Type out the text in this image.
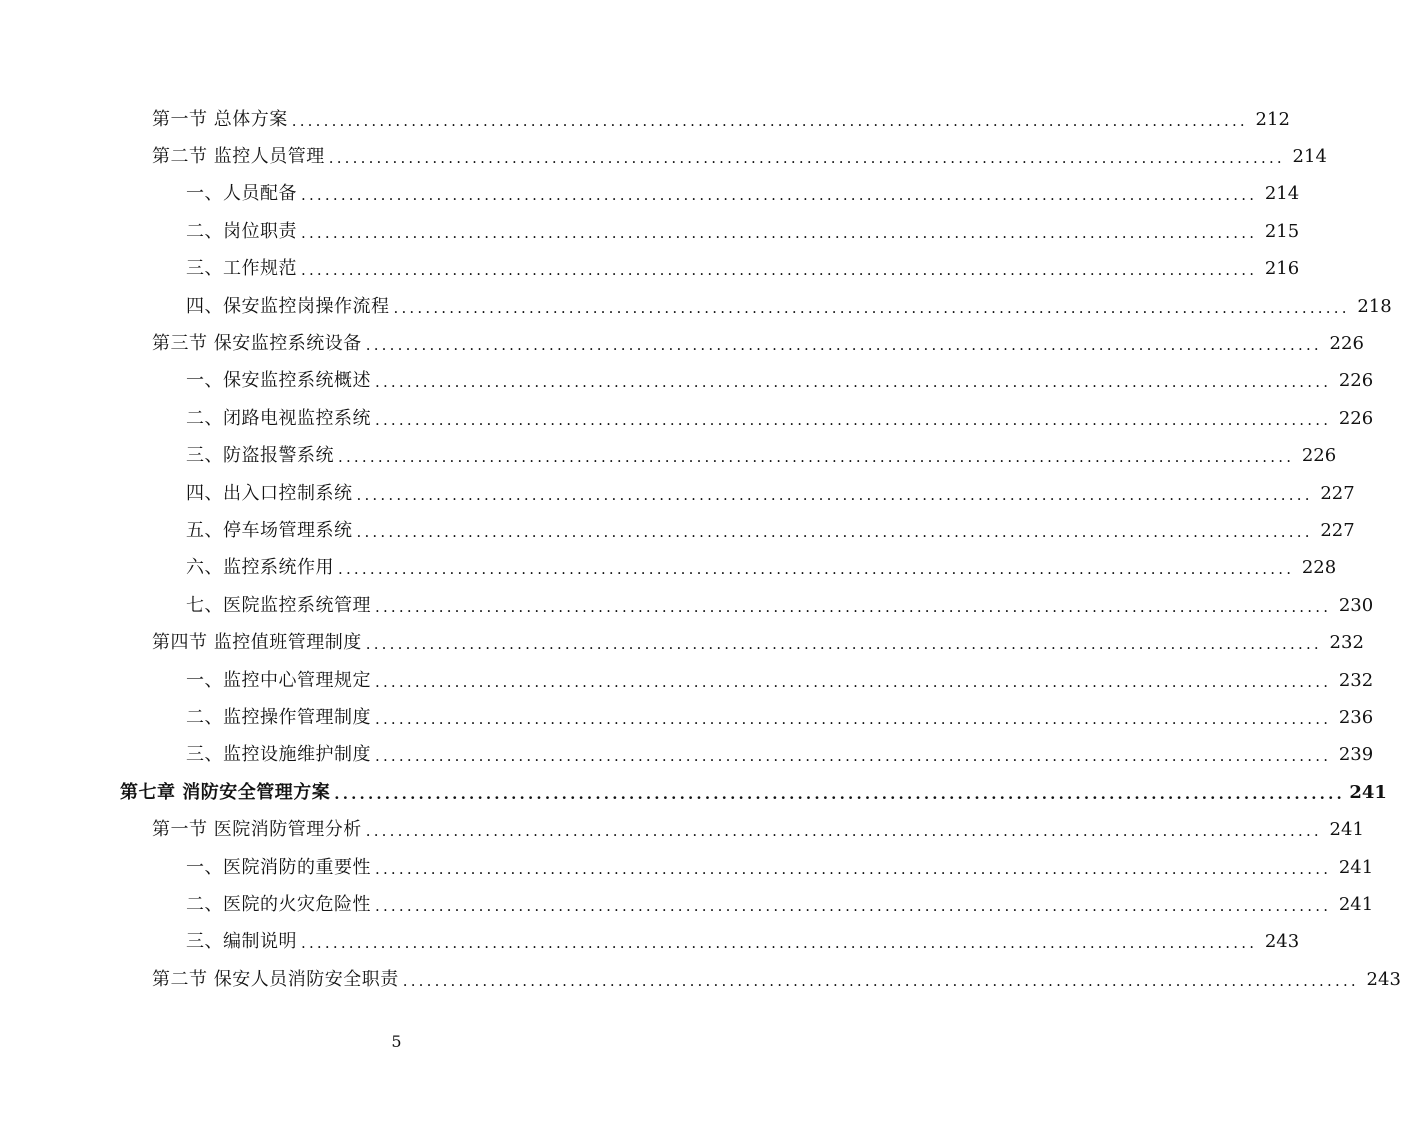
第一节 总体方案 ........................................................................................................................ 212
第二节 监控人员管理 ........................................................................................................................ 214
一、人员配备 ........................................................................................................................ 214
二、岗位职责 ........................................................................................................................ 215
三、工作规范 ........................................................................................................................ 216
四、保安监控岗操作流程 ........................................................................................................................ 218
第三节 保安监控系统设备 ........................................................................................................................ 226
一、保安监控系统概述 ........................................................................................................................ 226
二、闭路电视监控系统 ........................................................................................................................ 226
三、防盗报警系统 ........................................................................................................................ 226
四、出入口控制系统 ........................................................................................................................ 227
五、停车场管理系统 ........................................................................................................................ 227
六、监控系统作用 ........................................................................................................................ 228
七、医院监控系统管理 ........................................................................................................................ 230
第四节 监控值班管理制度 ........................................................................................................................ 232
一、监控中心管理规定 ........................................................................................................................ 232
二、监控操作管理制度 ........................................................................................................................ 236
三、监控设施维护制度 ........................................................................................................................ 239
第七章 消防安全管理方案 ........................................................................................................................ 241
第一节 医院消防管理分析 ........................................................................................................................ 241
一、医院消防的重要性 ........................................................................................................................ 241
二、医院的火灾危险性 ........................................................................................................................ 241
三、编制说明 ........................................................................................................................ 243
第二节 保安人员消防安全职责 ........................................................................................................................ 243
5
